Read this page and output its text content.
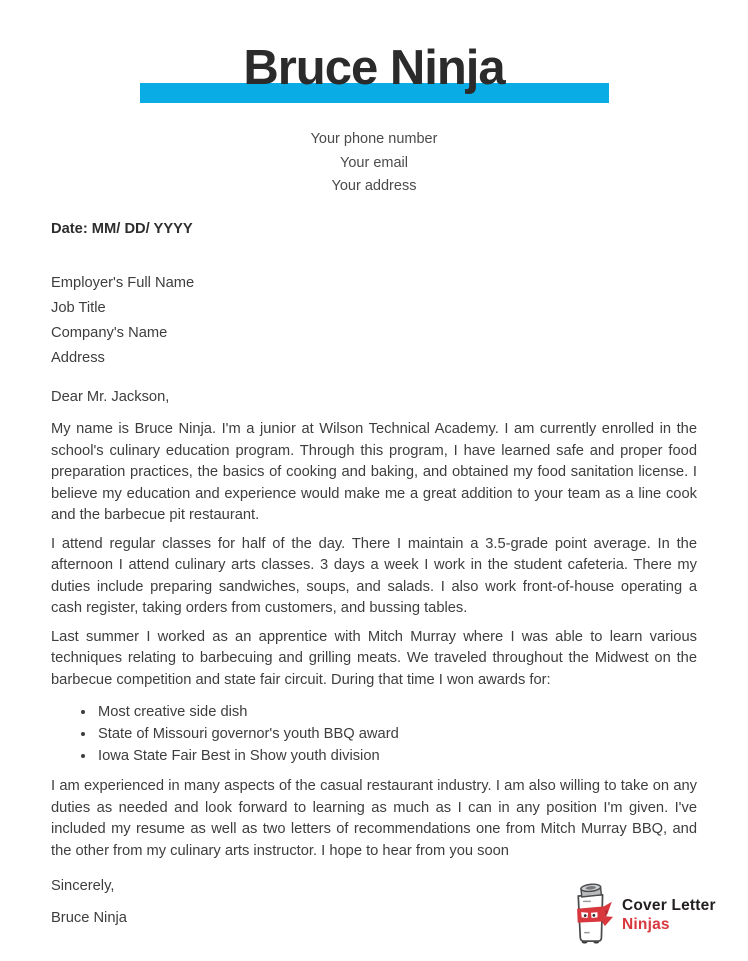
Bruce Ninja
Your phone number
Your email
Your address
Date: MM/ DD/ YYYY
Employer's Full Name
Job Title
Company's Name
Address

Dear Mr. Jackson,

My name is Bruce Ninja. I'm a junior at Wilson Technical Academy. I am currently enrolled in the school's culinary education program. Through this program, I have learned safe and proper food preparation practices, the basics of cooking and baking, and obtained my food sanitation license. I believe my education and experience would make me a great addition to your team as a line cook and the barbecue pit restaurant.

I attend regular classes for half of the day. There I maintain a 3.5-grade point average. In the afternoon I attend culinary arts classes. 3 days a week I work in the student cafeteria. There my duties include preparing sandwiches, soups, and salads. I also work front-of-house operating a cash register, taking orders from customers, and bussing tables.

Last summer I worked as an apprentice with Mitch Murray where I was able to learn various techniques relating to barbecuing and grilling meats. We traveled throughout the Midwest on the barbecue competition and state fair circuit. During that time I won awards for:

• Most creative side dish
• State of Missouri governor's youth BBQ award
• Iowa State Fair Best in Show youth division

I am experienced in many aspects of the casual restaurant industry. I am also willing to take on any duties as needed and look forward to learning as much as I can in any position I'm given. I've included my resume as well as two letters of recommendations one from Mitch Murray BBQ, and the other from my culinary arts instructor. I hope to hear from you soon

Sincerely,

Bruce Ninja

Cover Letter
Ninjas
